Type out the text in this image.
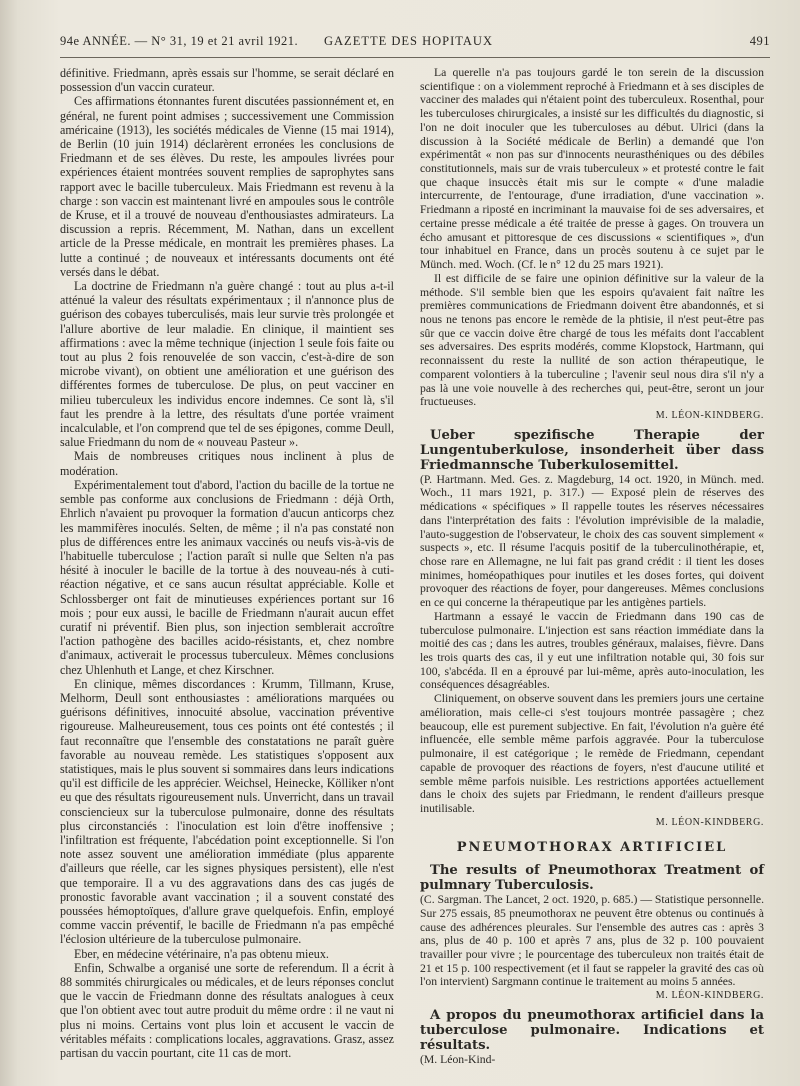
94e ANNÉE. — N° 31, 19 et 21 avril 1921. GAZETTE DES HOPITAUX	491

définitive. Friedmann, après essais sur l'homme, se serait déclaré en possession d'un vaccin curateur.

Ces affirmations étonnantes furent discutées passionnément et, en général, ne furent point admises ; successivement une Commission américaine (1913), les sociétés médicales de Vienne (15 mai 1914), de Berlin (10 juin 1914) déclarèrent erronées les conclusions de Friedmann et de ses élèves. Du reste, les ampoules livrées pour expériences étaient montrées souvent remplies de saprophytes sans rapport avec le bacille tuberculeux. Mais Friedmann est revenu à la charge : son vaccin est maintenant livré en ampoules sous le contrôle de Kruse, et il a trouvé de nouveau d'enthousiastes admirateurs. La discussion a repris. Récemment, M. Nathan, dans un excellent article de la Presse médicale, en montrait les premières phases. La lutte a continué ; de nouveaux et intéressants documents ont été versés dans le débat.

La doctrine de Friedmann n'a guère changé : tout au plus a-t-il atténué la valeur des résultats expérimentaux ; il n'annonce plus de guérison des cobayes tuberculisés, mais leur survie très prolongée et l'allure abortive de leur maladie. En clinique, il maintient ses affirmations : avec la même technique (injection 1 seule fois faite ou tout au plus 2 fois renouvelée de son vaccin, c'est-à-dire de son microbe vivant), on obtient une amélioration et une guérison des différentes formes de tuberculose. De plus, on peut vacciner en milieu tuberculeux les individus encore indemnes. Ce sont là, s'il faut les prendre à la lettre, des résultats d'une portée vraiment incalculable, et l'on comprend que tel de ses épigones, comme Deull, salue Friedmann du nom de « nouveau Pasteur ».

Mais de nombreuses critiques nous inclinent à plus de modération.

Expérimentalement tout d'abord, l'action du bacille de la tortue ne semble pas conforme aux conclusions de Friedmann : déjà Orth, Ehrlich n'avaient pu provoquer la formation d'aucun anticorps chez les mammifères inoculés. Selten, de même ; il n'a pas constaté non plus de différences entre les animaux vaccinés ou neufs vis-à-vis de l'habituelle tuberculose ; l'action paraît si nulle que Selten n'a pas hésité à inoculer le bacille de la tortue à des nouveau-nés à cuti-réaction négative, et ce sans aucun résultat appréciable. Kolle et Schlossberger ont fait de minutieuses expériences portant sur 16 mois ; pour eux aussi, le bacille de Friedmann n'aurait aucun effet curatif ni préventif. Bien plus, son injection semblerait accroître l'action pathogène des bacilles acido-résistants, et, chez nombre d'animaux, activerait le processus tuberculeux. Mêmes conclusions chez Uhlenhuth et Lange, et chez Kirschner.

En clinique, mêmes discordances : Krumm, Tillmann, Kruse, Melhorm, Deull sont enthousiastes : améliorations marquées ou guérisons définitives, innocuité absolue, vaccination préventive rigoureuse. Malheureusement, tous ces points ont été contestés ; il faut reconnaître que l'ensemble des constatations ne paraît guère favorable au nouveau remède. Les statistiques s'opposent aux statistiques, mais le plus souvent si sommaires dans leurs indications qu'il est difficile de les apprécier. Weichsel, Heinecke, Kölliker n'ont eu que des résultats rigoureusement nuls. Unverricht, dans un travail consciencieux sur la tuberculose pulmonaire, donne des résultats plus circonstanciés : l'inoculation est loin d'être inoffensive ; l'infiltration est fréquente, l'abcédation point exceptionnelle. Si l'on note assez souvent une amélioration immédiate (plus apparente d'ailleurs que réelle, car les signes physiques persistent), elle n'est que temporaire. Il a vu des aggravations dans des cas jugés de pronostic favorable avant vaccination ; il a souvent constaté des poussées hémoptoïques, d'allure grave quelquefois. Enfin, employé comme vaccin préventif, le bacille de Friedmann n'a pas empêché l'éclosion ultérieure de la tuberculose pulmonaire.

Eber, en médecine vétérinaire, n'a pas obtenu mieux.

Enfin, Schwalbe a organisé une sorte de referendum. Il a écrit à 88 sommités chirurgicales ou médicales, et de leurs réponses conclut que le vaccin de Friedmann donne des résultats analogues à ceux que l'on obtient avec tout autre produit du même ordre : il ne vaut ni plus ni moins. Certains vont plus loin et accusent le vaccin de véritables méfaits : complications locales, aggravations. Grasz, assez partisan du vaccin pourtant, cite 11 cas de mort.

La querelle n'a pas toujours gardé le ton serein de la discussion scientifique : on a violemment reproché à Friedmann et à ses disciples de vacciner des malades qui n'étaient point des tuberculeux. Rosenthal, pour les tuberculoses chirurgicales, a insisté sur les difficultés du diagnostic, si l'on ne doit inoculer que les tuberculoses au début. Ulrici (dans la discussion à la Société médicale de Berlin) a demandé que l'on expérimentât « non pas sur d'innocents neurasthéniques ou des débiles constitutionnels, mais sur de vrais tuberculeux » et protesté contre le fait que chaque insuccès était mis sur le compte « d'une maladie intercurrente, de l'entourage, d'une irradiation, d'une vaccination ». Friedmann a riposté en incriminant la mauvaise foi de ses adversaires, et certaine presse médicale a été traitée de presse à gages. On trouvera un écho amusant et pittoresque de ces discussions « scientifiques », d'un tour inhabituel en France, dans un procès soutenu à ce sujet par le Münch. med. Woch. (Cf. le n° 12 du 25 mars 1921).

Il est difficile de se faire une opinion définitive sur la valeur de la méthode. S'il semble bien que les espoirs qu'avaient fait naître les premières communications de Friedmann doivent être abandonnés, et si nous ne tenons pas encore le remède de la phtisie, il n'est peut-être pas sûr que ce vaccin doive être chargé de tous les méfaits dont l'accablent ses adversaires. Des esprits modérés, comme Klopstock, Hartmann, qui reconnaissent du reste la nullité de son action thérapeutique, le comparent volontiers à la tuberculine ; l'avenir seul nous dira s'il n'y a pas là une voie nouvelle à des recherches qui, peut-être, seront un jour fructueuses.

M. LÉON-KINDBERG.
Ueber spezifische Therapie der Lungentuberkulose, insonderheit über dass Friedmannsche Tuberkulosemittel.

(P. Hartmann. Med. Ges. z. Magdeburg, 14 oct. 1920, in Münch. med. Woch., 11 mars 1921, p. 317.) — Exposé plein de réserves des médications « spécifiques » Il rappelle toutes les réserves nécessaires dans l'interprétation des faits : l'évolution imprévisible de la maladie, l'auto-suggestion de l'observateur, le choix des cas souvent simplement « suspects », etc. Il résume l'acquis positif de la tuberculinothérapie, et, chose rare en Allemagne, ne lui fait pas grand crédit : il tient les doses minimes, homéopathiques pour inutiles et les doses fortes, qui doivent provoquer des réactions de foyer, pour dangereuses. Mêmes conclusions en ce qui concerne la thérapeutique par les antigènes partiels.

Hartmann a essayé le vaccin de Friedmann dans 190 cas de tuberculose pulmonaire. L'injection est sans réaction immédiate dans la moitié des cas ; dans les autres, troubles généraux, malaises, fièvre. Dans les trois quarts des cas, il y eut une infiltration notable qui, 30 fois sur 100, s'abcéda. Il en a éprouvé par lui-même, après auto-inoculation, les conséquences désagréables.

Cliniquement, on observe souvent dans les premiers jours une certaine amélioration, mais celle-ci s'est toujours montrée passagère ; chez beaucoup, elle est purement subjective. En fait, l'évolution n'a guère été influencée, elle semble même parfois aggravée. Pour la tuberculose pulmonaire, il est catégorique ; le remède de Friedmann, cependant capable de provoquer des réactions de foyers, n'est d'aucune utilité et semble même parfois nuisible. Les restrictions apportées actuellement dans le choix des sujets par Friedmann, le rendent d'ailleurs presque inutilisable.

M. LÉON-KINDBERG.
PNEUMOTHORAX ARTIFICIEL
The results of Pneumothorax Treatment of pulmnary Tuberculosis.

(C. Sargman. The Lancet, 2 oct. 1920, p. 685.) — Statistique personnelle. Sur 275 essais, 85 pneumothorax ne peuvent être obtenus ou continués à cause des adhérences pleurales. Sur l'ensemble des autres cas : après 3 ans, plus de 40 p. 100 et après 7 ans, plus de 32 p. 100 pouvaient travailler pour vivre ; le pourcentage des tuberculeux non traités était de 21 et 15 p. 100 respectivement (et il faut se rappeler la gravité des cas où l'on intervient) Sargmann continue le traitement au moins 5 années.

M. LÉON-KINDBERG.
A propos du pneumothorax artificiel dans la tuberculose pulmonaire. Indications et résultats.

(M. Léon-Kind-
